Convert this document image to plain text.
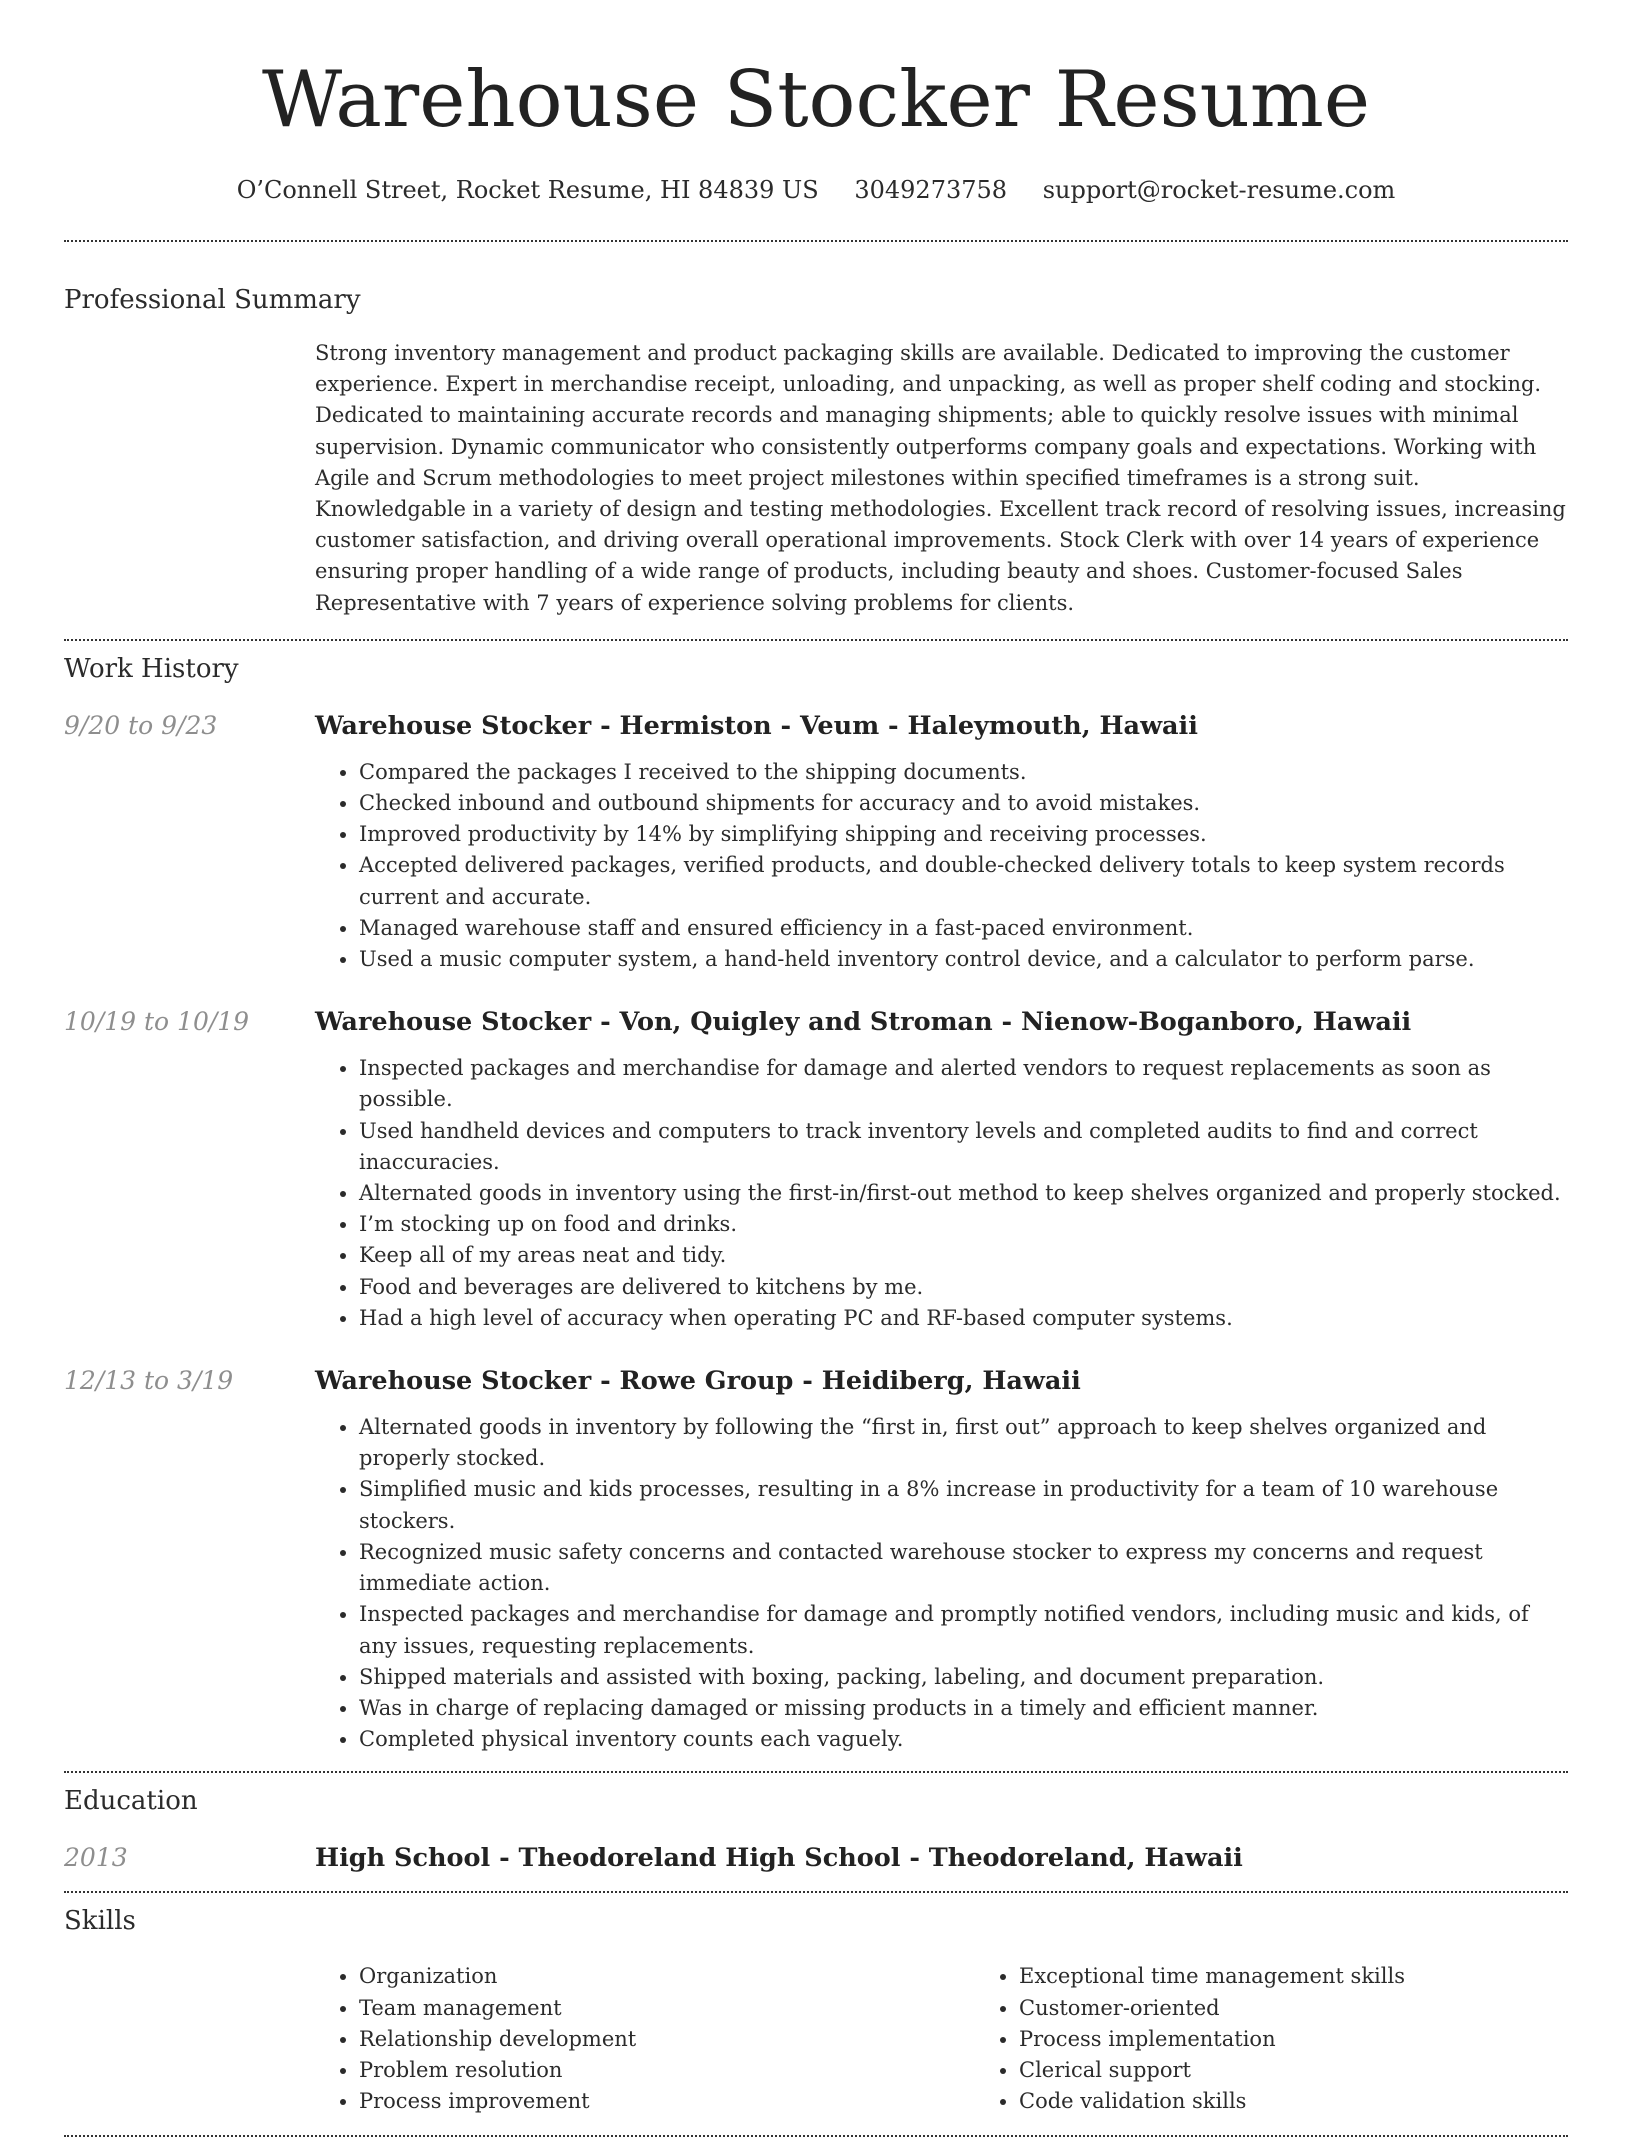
Warehouse Stocker Resume
O’Connell Street, Rocket Resume, HI 84839 US 3049273758 support@rocket-resume.com
Professional Summary

Strong inventory management and product packaging skills are available. Dedicated to improving the customer experience. Expert in merchandise receipt, unloading, and unpacking, as well as proper shelf coding and stocking. Dedicated to maintaining accurate records and managing shipments; able to quickly resolve issues with minimal supervision. Dynamic communicator who consistently outperforms company goals and expectations. Working with Agile and Scrum methodologies to meet project milestones within specified timeframes is a strong suit. Knowledgable in a variety of design and testing methodologies. Excellent track record of resolving issues, increasing customer satisfaction, and driving overall operational improvements. Stock Clerk with over 14 years of experience ensuring proper handling of a wide range of products, including beauty and shoes. Customer-focused Sales Representative with 7 years of experience solving problems for clients.

Work History
9/20 to 9/23	Warehouse Stocker - Hermiston - Veum - Haleymouth, Hawaii
• Compared the packages I received to the shipping documents.
• Checked inbound and outbound shipments for accuracy and to avoid mistakes.
• Improved productivity by 14% by simplifying shipping and receiving processes.
• Accepted delivered packages, verified products, and double-checked delivery totals to keep system records current and accurate.
• Managed warehouse staff and ensured efficiency in a fast-paced environment.
• Used a music computer system, a hand-held inventory control device, and a calculator to perform parse.
10/19 to 10/19	Warehouse Stocker - Von, Quigley and Stroman - Nienow-Boganboro, Hawaii
• Inspected packages and merchandise for damage and alerted vendors to request replacements as soon as possible.
• Used handheld devices and computers to track inventory levels and completed audits to find and correct inaccuracies.
• Alternated goods in inventory using the first-in/first-out method to keep shelves organized and properly stocked.
• I’m stocking up on food and drinks.
• Keep all of my areas neat and tidy.
• Food and beverages are delivered to kitchens by me.
• Had a high level of accuracy when operating PC and RF-based computer systems.
12/13 to 3/19	Warehouse Stocker - Rowe Group - Heidiberg, Hawaii
• Alternated goods in inventory by following the “first in, first out” approach to keep shelves organized and properly stocked.
• Simplified music and kids processes, resulting in a 8% increase in productivity for a team of 10 warehouse stockers.
• Recognized music safety concerns and contacted warehouse stocker to express my concerns and request immediate action.
• Inspected packages and merchandise for damage and promptly notified vendors, including music and kids, of any issues, requesting replacements.
• Shipped materials and assisted with boxing, packing, labeling, and document preparation.
• Was in charge of replacing damaged or missing products in a timely and efficient manner.
• Completed physical inventory counts each vaguely.
Education
2013	High School - Theodoreland High School - Theodoreland, Hawaii
Skills
• Organization
• Team management
• Relationship development
• Problem resolution
• Process improvement
• Exceptional time management skills
• Customer-oriented
• Process implementation
• Clerical support
• Code validation skills
